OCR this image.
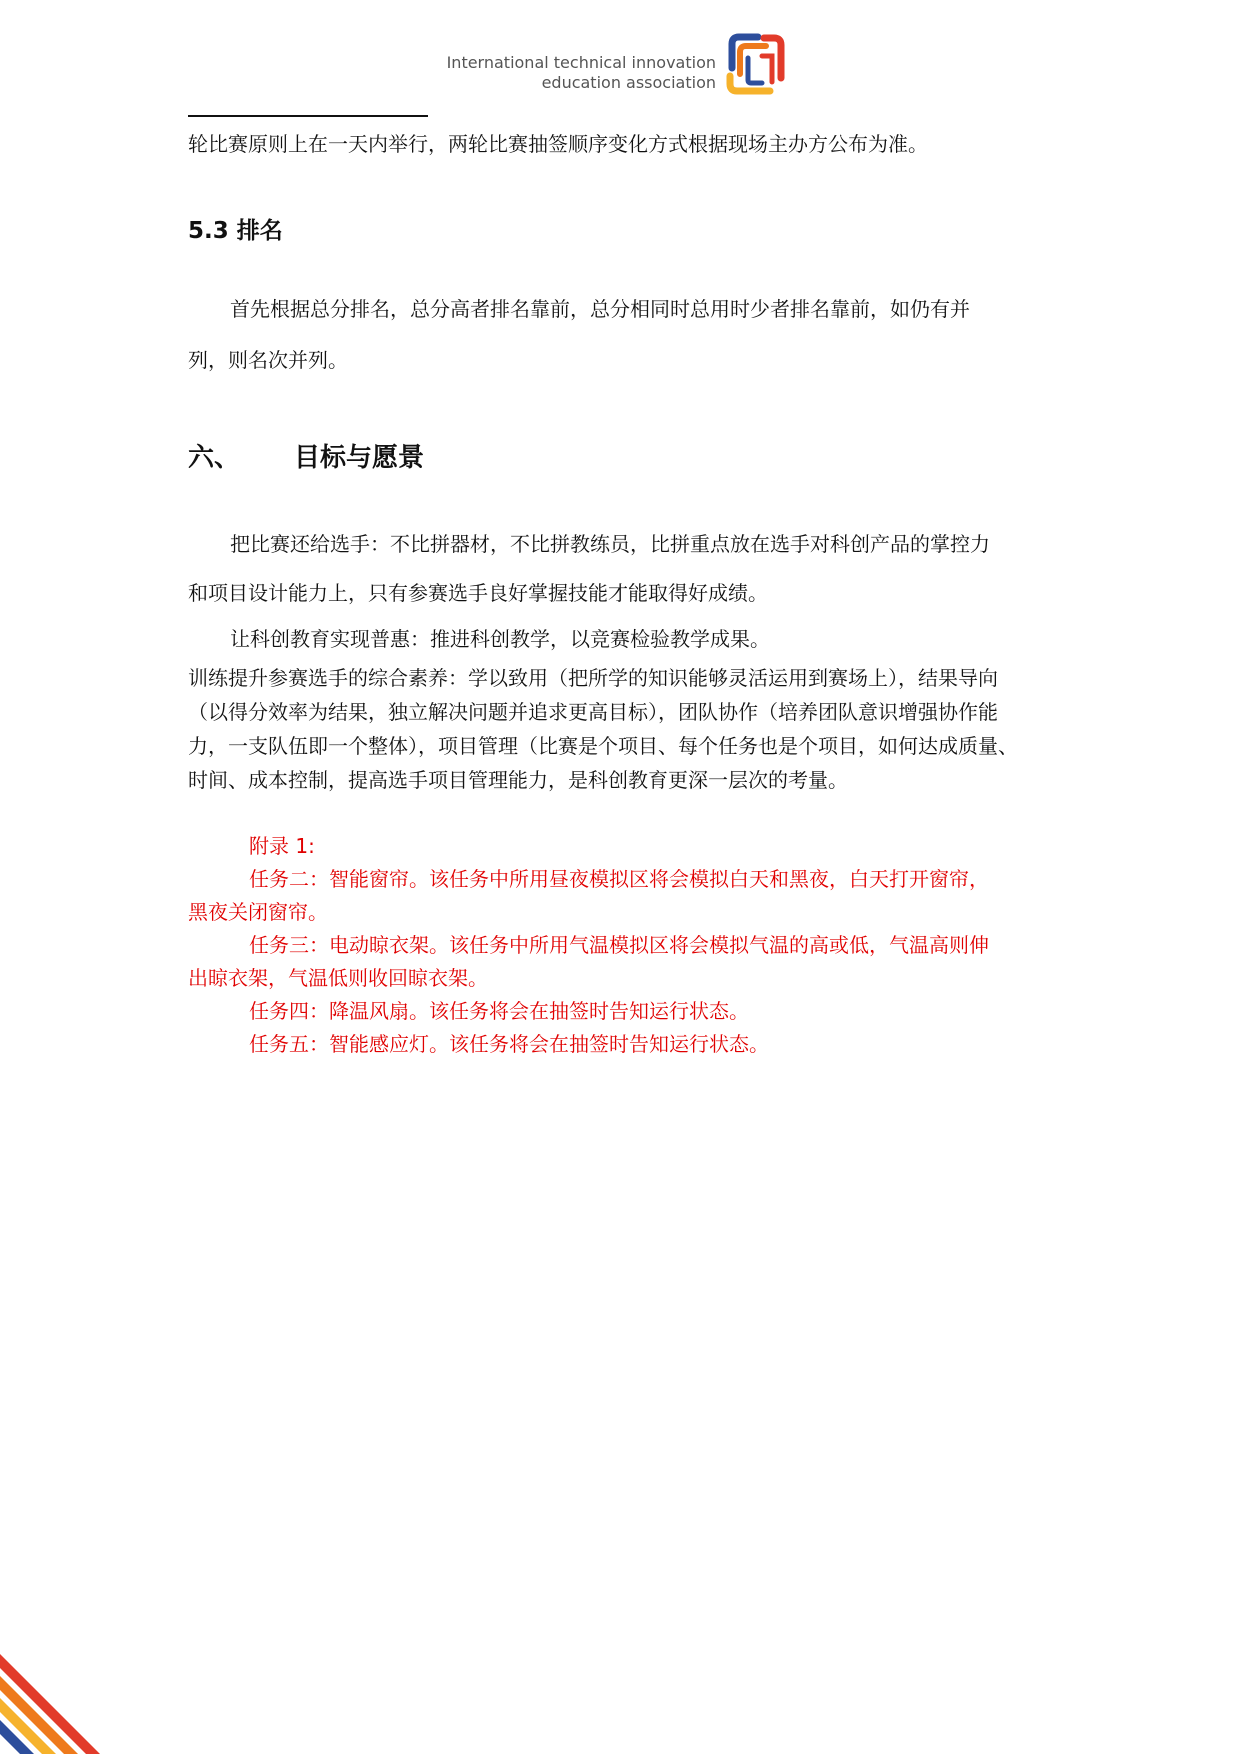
International technical innovation
education association
轮比赛原则上在一天内举行，两轮比赛抽签顺序变化方式根据现场主办方公布为准。
5.3 排名
首先根据总分排名，总分高者排名靠前，总分相同时总用时少者排名靠前，如仍有并
列，则名次并列。
六、 目标与愿景
把比赛还给选手：不比拼器材，不比拼教练员，比拼重点放在选手对科创产品的掌控力
和项目设计能力上，只有参赛选手良好掌握技能才能取得好成绩。
让科创教育实现普惠：推进科创教学，以竞赛检验教学成果。
训练提升参赛选手的综合素养：学以致用（把所学的知识能够灵活运用到赛场上），结果导向
（以得分效率为结果，独立解决问题并追求更高目标），团队协作（培养团队意识增强协作能
力，一支队伍即一个整体），项目管理（比赛是个项目、每个任务也是个项目，如何达成质量、
时间、成本控制，提高选手项目管理能力，是科创教育更深一层次的考量。
附录 1:
任务二：智能窗帘。该任务中所用昼夜模拟区将会模拟白天和黑夜，白天打开窗帘，
黑夜关闭窗帘。
任务三：电动晾衣架。该任务中所用气温模拟区将会模拟气温的高或低，气温高则伸
出晾衣架，气温低则收回晾衣架。
任务四：降温风扇。该任务将会在抽签时告知运行状态。
任务五：智能感应灯。该任务将会在抽签时告知运行状态。
